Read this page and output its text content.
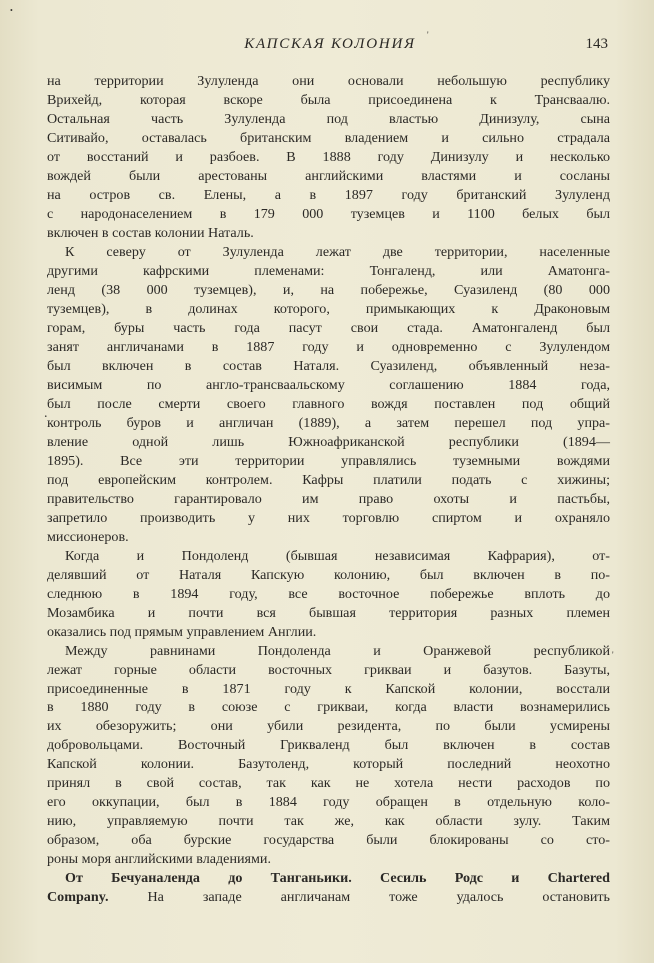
КАПСКАЯ КОЛОНИЯ	143
•
на территории Зулуленда они основали небольшую республику
Врихейд, которая вскоре была присоединена к Трансваалю.
Остальная часть Зулуленда под властью Динизулу, сына
Ситивайо, оставалась британским владением и сильно страдала
от восстаний и разбоев. В 1888 году Динизулу и несколько
вождей были арестованы английскими властями и сосланы
на остров св. Елены, а в 1897 году британский Зулуленд
с народонаселением в 179 000 туземцев и 1100 белых был
включен в состав колонии Наталь.
К северу от Зулуленда лежат две территории, населенные
другими кафрскими племенами: Тонгаленд, или Аматонга-
ленд (38 000 туземцев), и, на побережье, Суазиленд (80 000
туземцев), в долинах которого, примыкающих к Драконовым
горам, буры часть года пасут свои стада. Аматонгаленд был
занят англичанами в 1887 году и одновременно с Зулулендом
был включен в состав Наталя. Суазиленд, объявленный неза-
висимым по англо-трансваальскому соглашению 1884 года,
был после смерти своего главного вождя поставлен под общий
контроль буров и англичан (1889), а затем перешел под упра-
вление одной лишь Южноафриканской республики (1894—
1895). Все эти территории управлялись туземными вождями
под европейским контролем. Кафры платили подать с хижины;
правительство гарантировало им право охоты и пастьбы,
запретило производить у них торговлю спиртом и охраняло
миссионеров.
Когда и Пондоленд (бывшая независимая Кафрария), от-
делявший от Наталя Капскую колонию, был включен в по-
следнюю в 1894 году, все восточное побережье вплоть до
Мозамбика и почти вся бывшая территория разных племен
оказались под прямым управлением Англии.
Между равнинами Пондоленда и Оранжевой республикой
лежат горные области восточных грикваи и базутов. Базуты,
присоединенные в 1871 году к Капской колонии, восстали
в 1880 году в союзе с грикваи, когда власти вознамерились
их обезоружить; они убили резидента, по были усмирены
добровольцами. Восточный Грикваленд был включен в состав
Капской колонии. Базутоленд, который последний неохотно
принял в свой состав, так как не хотела нести расходов по
его оккупации, был в 1884 году обращен в отдельную коло-
нию, управляемую почти так же, как области зулу. Таким
образом, оба бурские государства были блокированы со сто-
роны моря английскими владениями.
От Бечуаналенда до Танганьики. Сесиль Родс и Chartered
Company.	На западе англичанам тоже удалось остановить
.
'
'
